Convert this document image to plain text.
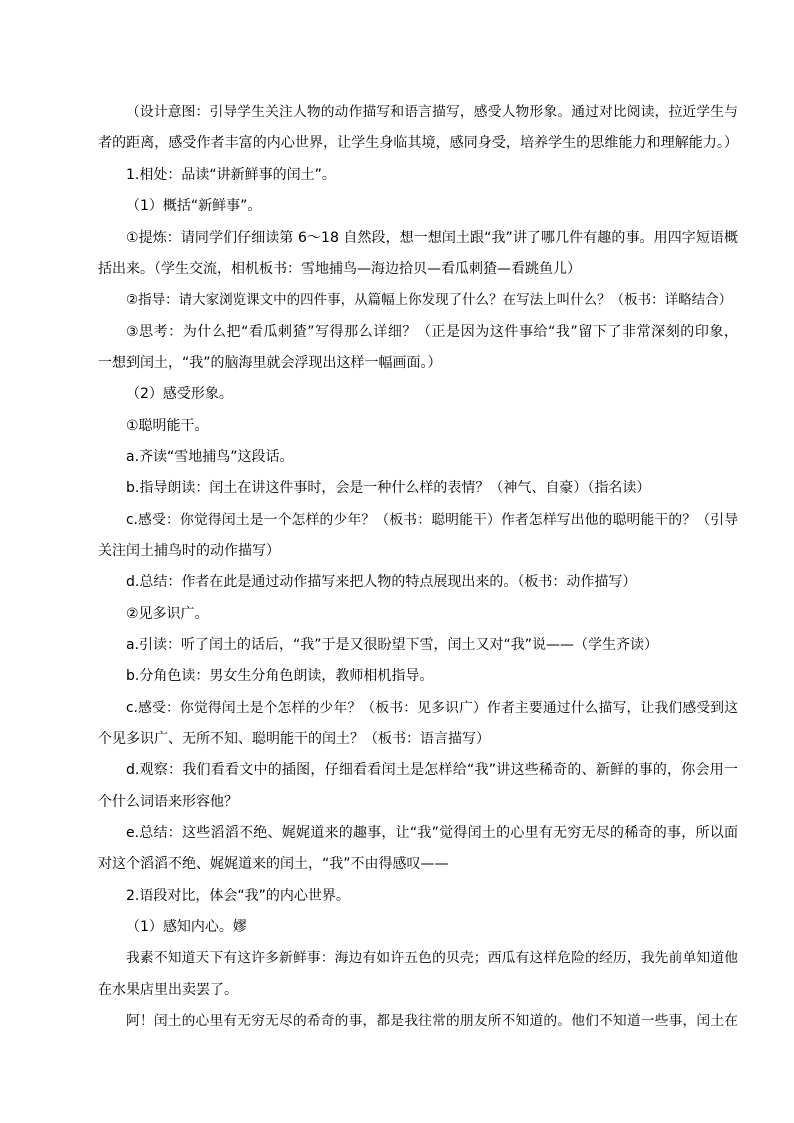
（设计意图：引导学生关注人物的动作描写和语言描写，感受人物形象。通过对比阅读，拉近学生与

者的距离，感受作者丰富的内心世界，让学生身临其境，感同身受，培养学生的思维能力和理解能力。）

1.相处：品读“讲新鲜事的闰土”。

（1）概括“新鲜事”。

①提炼：请同学们仔细读第 6～18 自然段，想一想闰土跟“我”讲了哪几件有趣的事。用四字短语概

括出来。（学生交流，相机板书：雪地捕鸟—海边拾贝—看瓜刺猹—看跳鱼儿）

②指导：请大家浏览课文中的四件事，从篇幅上你发现了什么？在写法上叫什么？（板书：详略结合）

③思考：为什么把“看瓜刺猹”写得那么详细？（正是因为这件事给“我”留下了非常深刻的印象，

一想到闰土，“我”的脑海里就会浮现出这样一幅画面。）

（2）感受形象。

①聪明能干。

a.齐读“雪地捕鸟”这段话。

b.指导朗读：闰土在讲这件事时，会是一种什么样的表情？（神气、自豪）（指名读）

c.感受：你觉得闰土是一个怎样的少年？（板书：聪明能干）作者怎样写出他的聪明能干的？（引导

关注闰土捕鸟时的动作描写）

d.总结：作者在此是通过动作描写来把人物的特点展现出来的。（板书：动作描写）

②见多识广。

a.引读：听了闰土的话后，“我”于是又很盼望下雪，闰土又对“我”说——（学生齐读）

b.分角色读：男女生分角色朗读，教师相机指导。

c.感受：你觉得闰土是个怎样的少年？（板书：见多识广）作者主要通过什么描写，让我们感受到这

个见多识广、无所不知、聪明能干的闰土？（板书：语言描写）

d.观察：我们看看文中的插图，仔细看看闰土是怎样给“我”讲这些稀奇的、新鲜的事的，你会用一

个什么词语来形容他？

e.总结：这些滔滔不绝、娓娓道来的趣事，让“我”觉得闰土的心里有无穷无尽的稀奇的事，所以面

对这个滔滔不绝、娓娓道来的闰土，“我”不由得感叹——

2.语段对比，体会“我”的内心世界。

（1）感知内心。嫪

我素不知道天下有这许多新鲜事：海边有如许五色的贝壳；西瓜有这样危险的经历，我先前单知道他

在水果店里出卖罢了。

阿！闰土的心里有无穷无尽的希奇的事，都是我往常的朋友所不知道的。他们不知道一些事，闰土在
